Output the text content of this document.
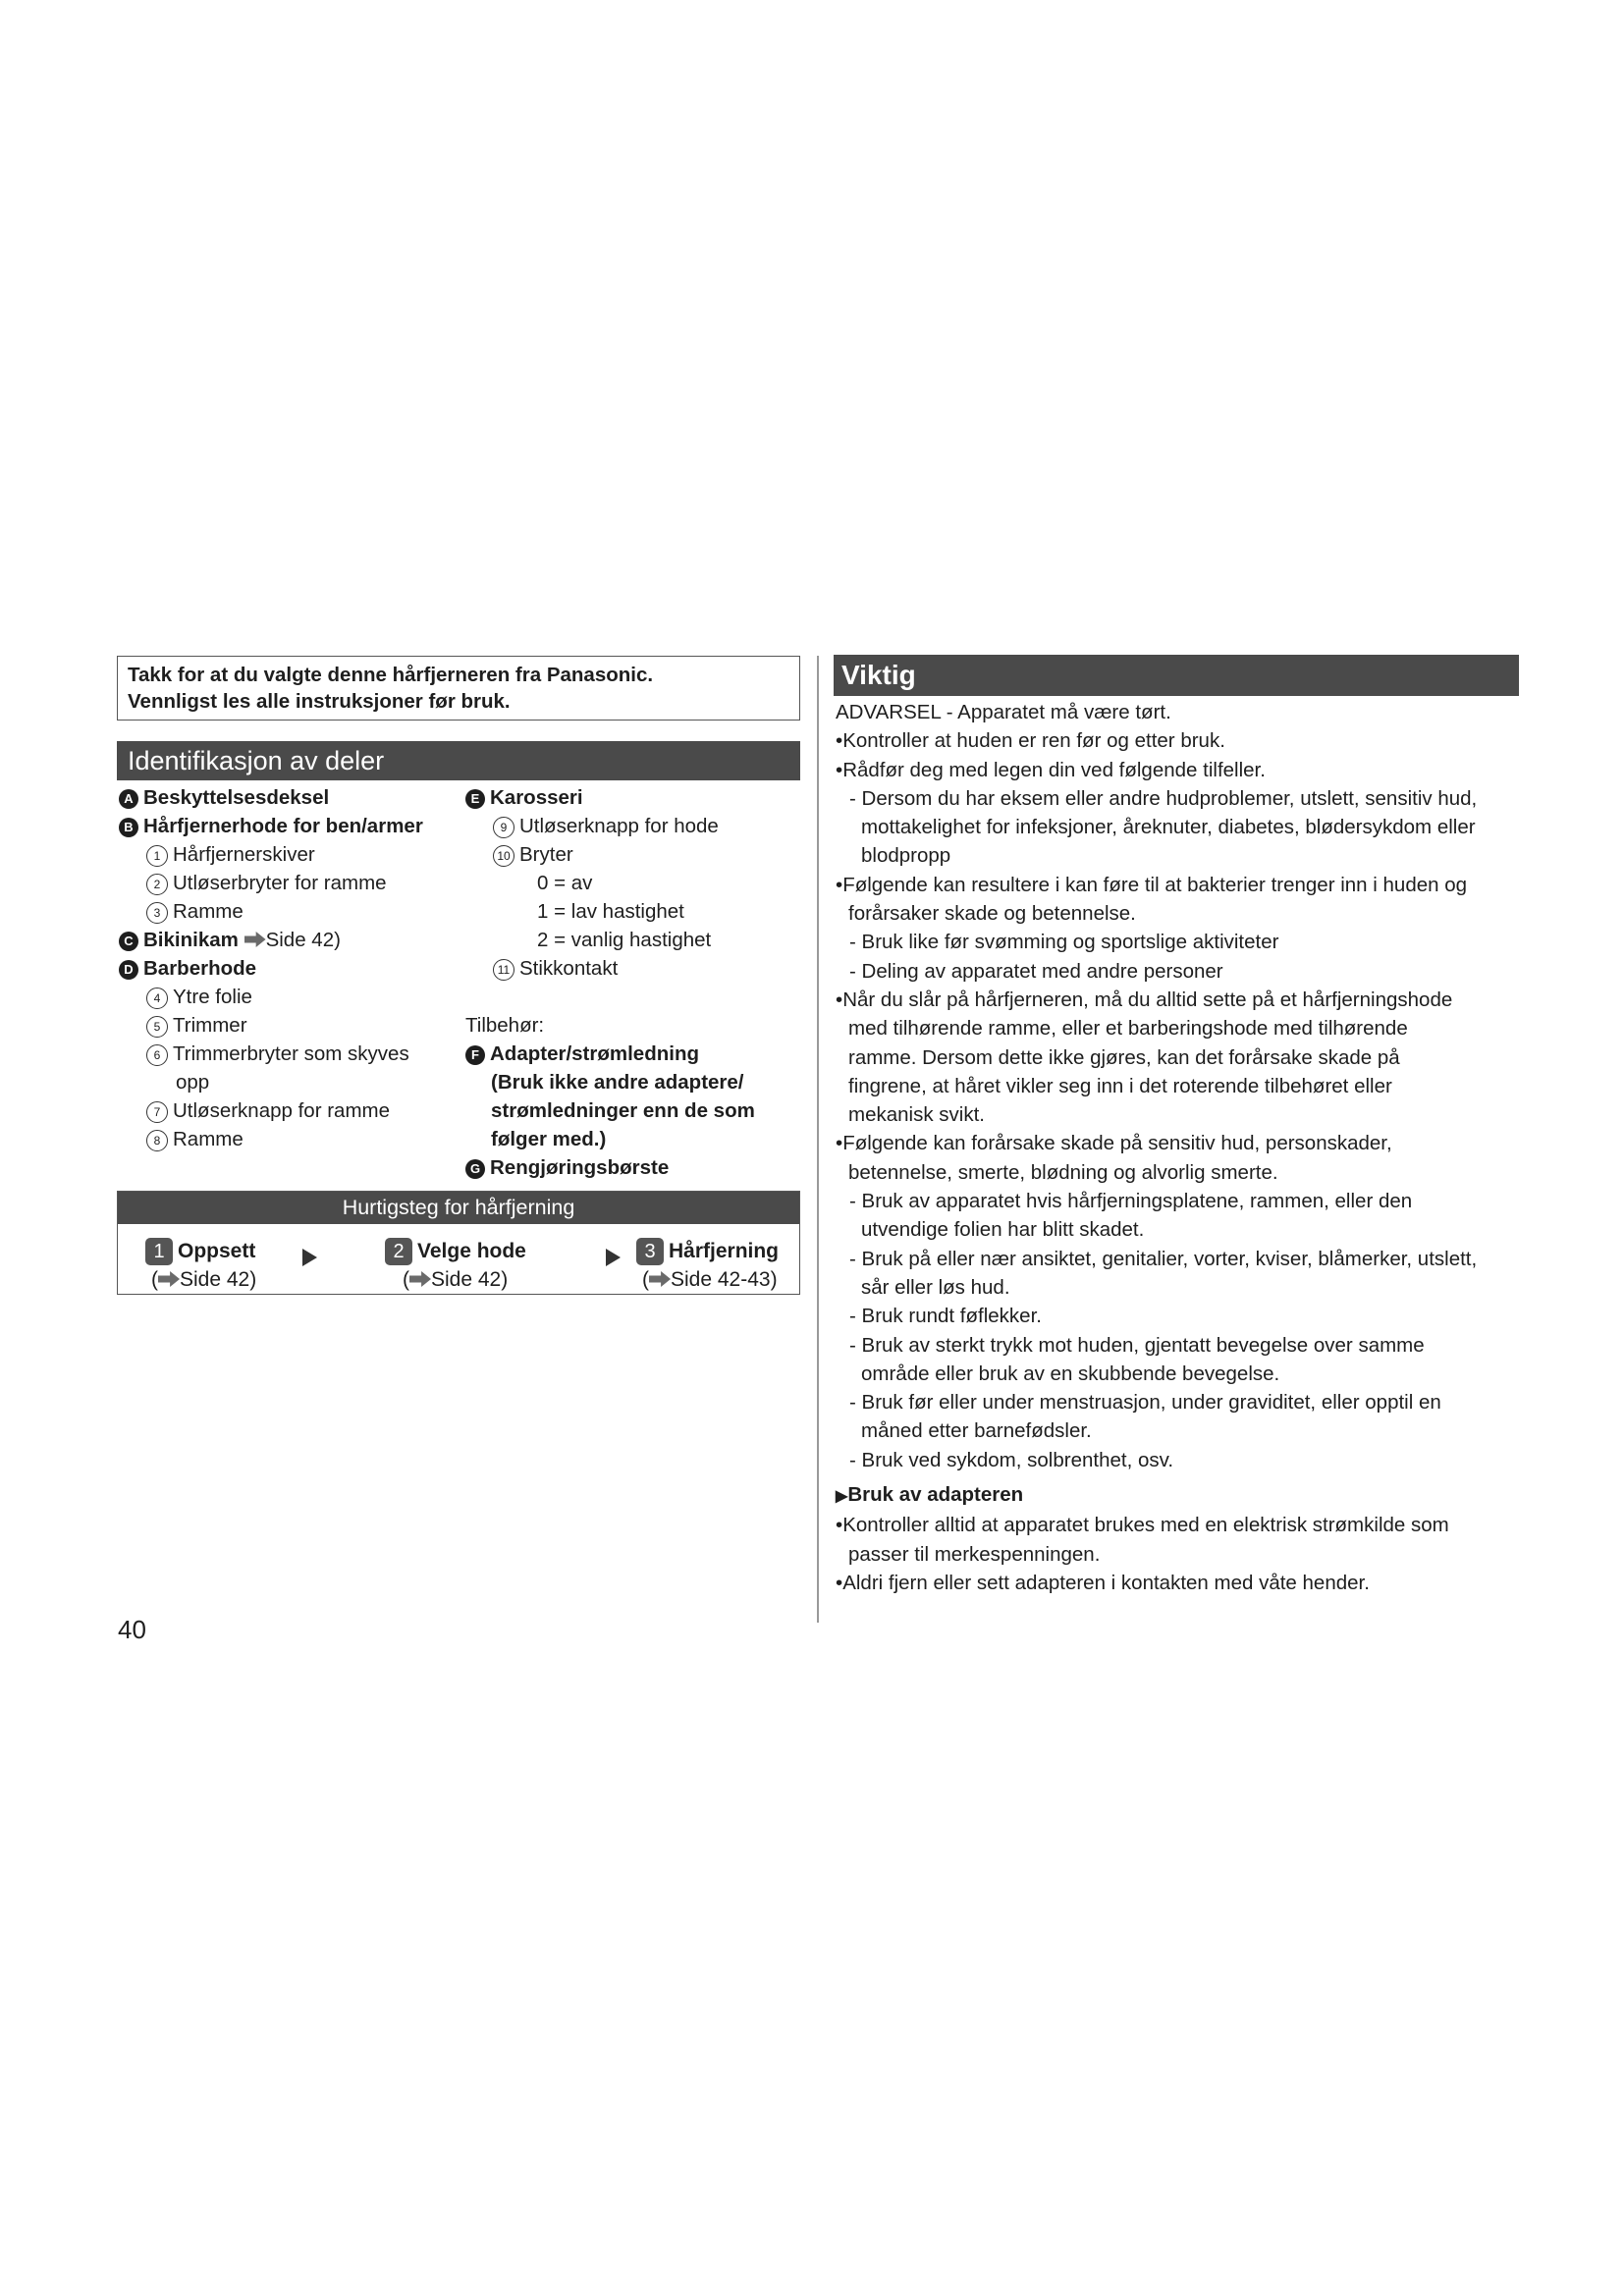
Takk for at du valgte denne hårfjerneren fra Panasonic.
Vennligst les alle instruksjoner før bruk.
Identifikasjon av deler
A Beskyttelsesdeksel
B Hårfjernerhode for ben/armer
1 Hårfjernerskiver
2 Utløserbryter for ramme
3 Ramme
C Bikinikam Side 42)
D Barberhode
4 Ytre folie
5 Trimmer
6 Trimmerbryter som skyves
opp
7 Utløserknapp for ramme
8 Ramme
E Karosseri
9 Utløserknapp for hode
10 Bryter
0 = av
1 = lav hastighet
2 = vanlig hastighet
11 Stikkontakt
Tilbehør:
F Adapter/strømledning
(Bruk ikke andre adaptere/
strømledninger enn de som
følger med.)
G Rengjøringsbørste
Hurtigsteg for hårfjerning
1 Oppsett
( Side 42)
2 Velge hode
( Side 42)
3 Hårfjerning
( Side 42-43)
Viktig
ADVARSEL - Apparatet må være tørt.
•Kontroller at huden er ren før og etter bruk.
•Rådfør deg med legen din ved følgende tilfeller.
- Dersom du har eksem eller andre hudproblemer, utslett, sensitiv hud,
mottakelighet for infeksjoner, åreknuter, diabetes, blødersykdom eller
blodpropp
•Følgende kan resultere i kan føre til at bakterier trenger inn i huden og
forårsaker skade og betennelse.
- Bruk like før svømming og sportslige aktiviteter
- Deling av apparatet med andre personer
•Når du slår på hårfjerneren, må du alltid sette på et hårfjerningshode
med tilhørende ramme, eller et barberingshode med tilhørende
ramme. Dersom dette ikke gjøres, kan det forårsake skade på
fingrene, at håret vikler seg inn i det roterende tilbehøret eller
mekanisk svikt.
•Følgende kan forårsake skade på sensitiv hud, personskader,
betennelse, smerte, blødning og alvorlig smerte.
- Bruk av apparatet hvis hårfjerningsplatene, rammen, eller den
utvendige folien har blitt skadet.
- Bruk på eller nær ansiktet, genitalier, vorter, kviser, blåmerker, utslett,
sår eller løs hud.
- Bruk rundt føflekker.
- Bruk av sterkt trykk mot huden, gjentatt bevegelse over samme
område eller bruk av en skubbende bevegelse.
- Bruk før eller under menstruasjon, under graviditet, eller opptil en
måned etter barnefødsler.
- Bruk ved sykdom, solbrenthet, osv.
▶Bruk av adapteren
•Kontroller alltid at apparatet brukes med en elektrisk strømkilde som
passer til merkespenningen.
•Aldri fjern eller sett adapteren i kontakten med våte hender.
40
